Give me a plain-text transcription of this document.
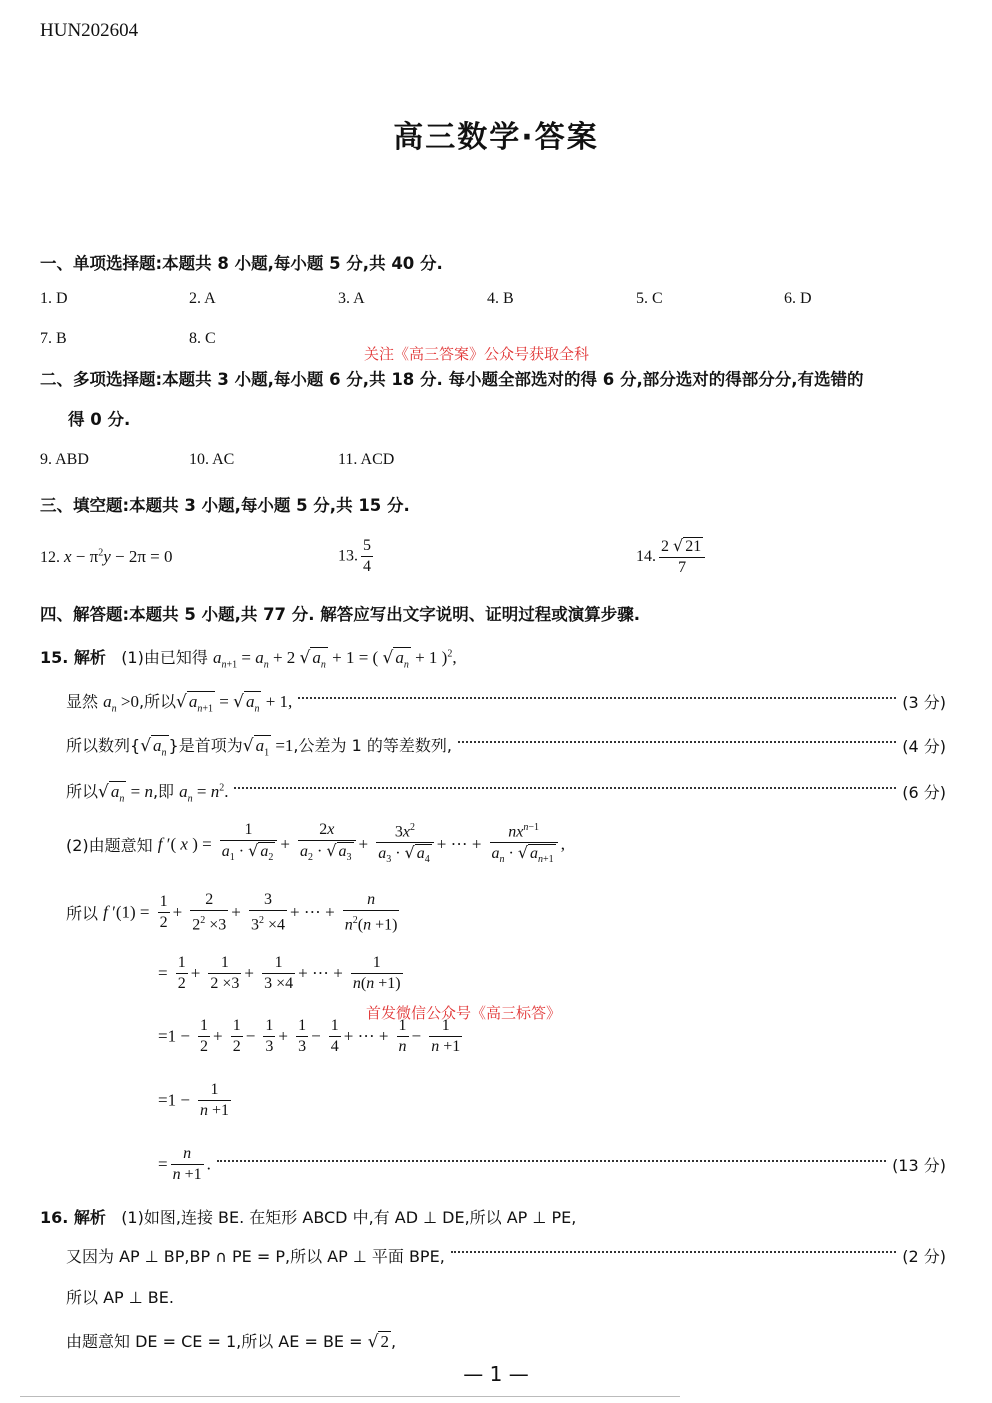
HUN202604
高三数学·答案
一、单项选择题:本题共 8 小题,每小题 5 分,共 40 分.
1. D	2. A	3. A	4. B	5. C	6. D
7. B	8. C
关注《高三答案》公众号获取全科
二、多项选择题:本题共 3 小题,每小题 6 分,共 18 分. 每小题全部选对的得 6 分,部分选对的得部分分,有选错的
得 0 分.
9. ABD	10. AC	11. ACD
三、填空题:本题共 3 小题,每小题 5 分,共 15 分.
12. $x - \pi^2y - 2\pi = 0$	13. $\frac{5}{4}$	14. $\frac{2 √ 21}{7}$
四、解答题:本题共 5 小题,共 77 分. 解答应写出文字说明、证明过程或演算步骤.
15. 解析 (1)由已知得 $a_{n+1} = a_n + 2$ √ $a_n + 1$ = ( √ $a_n + 1$ )$^2$,
显然 $a_n >0$,所以√ $a_{n+1}$ = √ $a_n + 1$,	(3 分)
所以数列{√ $a_n$ }是首项为√ $a_1 =1$,公差为 1 的等差数列,	(4 分)
所以√ $a_n = n$,即 $a_n = n^2$.	(6 分)
(2)由题意知 f ′( x ) = $\frac{1}{a_1 \cdot √ a_2} + \frac{2x}{a_2 \cdot √ a_3} + \frac{3x^2}{a_3 \cdot √ a_4}$ + ··· + $\frac{nx^{n-1}}{a_n \cdot √ a_{n+1}}$ ,
所以 f $'(1) = \frac{1}{2} + \frac{2}{2^2 \times 3} + \frac{3}{3^2 \times 4}$ + ··· + $\frac{n}{n^2(n +1)}$
= $\frac{1}{2} + \frac{1}{2 \times 3} + \frac{1}{3 \times 4}$ + ··· + $\frac{1}{n(n +1)}$
首发微信公众号《高三标答》
$=1 - \frac{1}{2} + \frac{1}{2} - \frac{1}{3} + \frac{1}{3} - \frac{1}{4}$ + ··· + $\frac{1}{n} - \frac{1}{n +1}$
$=1 - \frac{1}{n +1}$
= $\frac{n}{n +1}$ .	(13 分)
16. 解析 (1)如图,连接 BE. 在矩形 ABCD 中,有 AD ⊥ DE,所以 AP ⊥ PE,
又因为 AP ⊥ BP,BP ∩ PE = P,所以 AP ⊥ 平面 BPE,	(2 分)
所以 AP ⊥ BE.
由题意知 DE = CE = 1,所以 AE = BE = √ 2 ,
— 1 —
